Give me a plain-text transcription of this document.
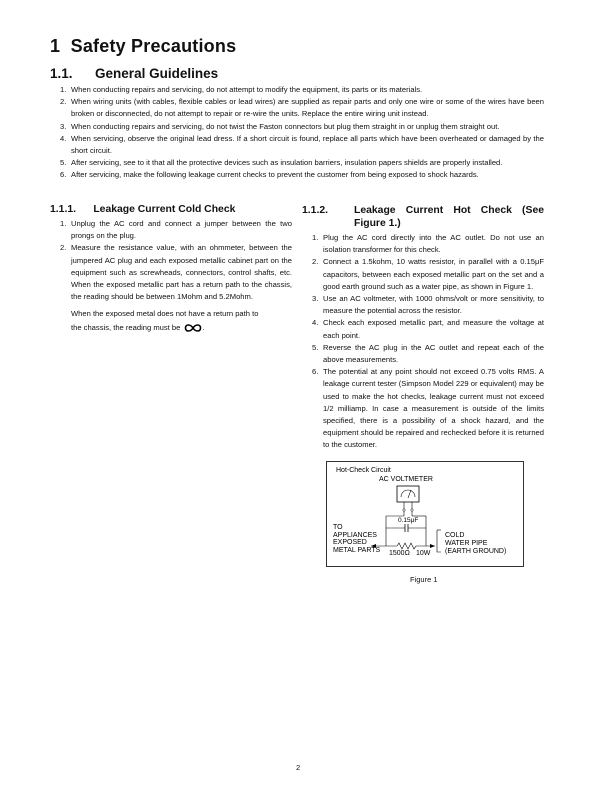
1 Safety Precautions
1.1. General Guidelines
1. When conducting repairs and servicing, do not attempt to modify the equipment, its parts or its materials.
2. When wiring units (with cables, flexible cables or lead wires) are supplied as repair parts and only one wire or some of the wires have been broken or disconnected, do not attempt to repair or re-wire the units. Replace the entire wiring unit instead.
3. When conducting repairs and servicing, do not twist the Faston connectors but plug them straight in or unplug them straight out.
4. When servicing, observe the original lead dress. If a short circuit is found, replace all parts which have been overheated or damaged by the short circuit.
5. After servicing, see to it that all the protective devices such as insulation barriers, insulation papers shields are properly installed.
6. After servicing, make the following leakage current checks to prevent the customer from being exposed to shock hazards.
1.1.1. Leakage Current Cold Check
1. Unplug the AC cord and connect a jumper between the two prongs on the plug.
2. Measure the resistance value, with an ohmmeter, between the jumpered AC plug and each exposed metallic cabinet part on the equipment such as screwheads, connectors, control shafts, etc. When the exposed metallic part has a return path to the chassis, the reading should be between 1Mohm and 5.2Mohm.
When the exposed metal does not have a return path to
the chassis, the reading must be	.
1.1.2.	Leakage Current Hot Check (See Figure 1.)
1. Plug the AC cord directly into the AC outlet. Do not use an isolation transformer for this check.
2. Connect a 1.5kohm, 10 watts resistor, in parallel with a 0.15μF capacitors, between each exposed metallic part on the set and a good earth ground such as a water pipe, as shown in Figure 1.
3. Use an AC voltmeter, with 1000 ohms/volt or more sensitivity, to measure the potential across the resistor.
4. Check each exposed metallic part, and measure the voltage at each point.
5. Reverse the AC plug in the AC outlet and repeat each of the above measurements.
6. The potential at any point should not exceed 0.75 volts RMS. A leakage current tester (Simpson Model 229 or equivalent) may be used to make the hot checks, leakage current must not exceed 1/2 milliamp. In case a measurement is outside of the limits specified, there is a possibility of a shock hazard, and the equipment should be repaired and rechecked before it is returned to the customer.
Hot-Check Circuit
AC VOLTMETER
0.15μF
TO
APPLIANCES
EXPOSED
METAL PARTS 1500Ω 10W
COLD
WATER PIPE
(EARTH GROUND)
Figure 1
2
